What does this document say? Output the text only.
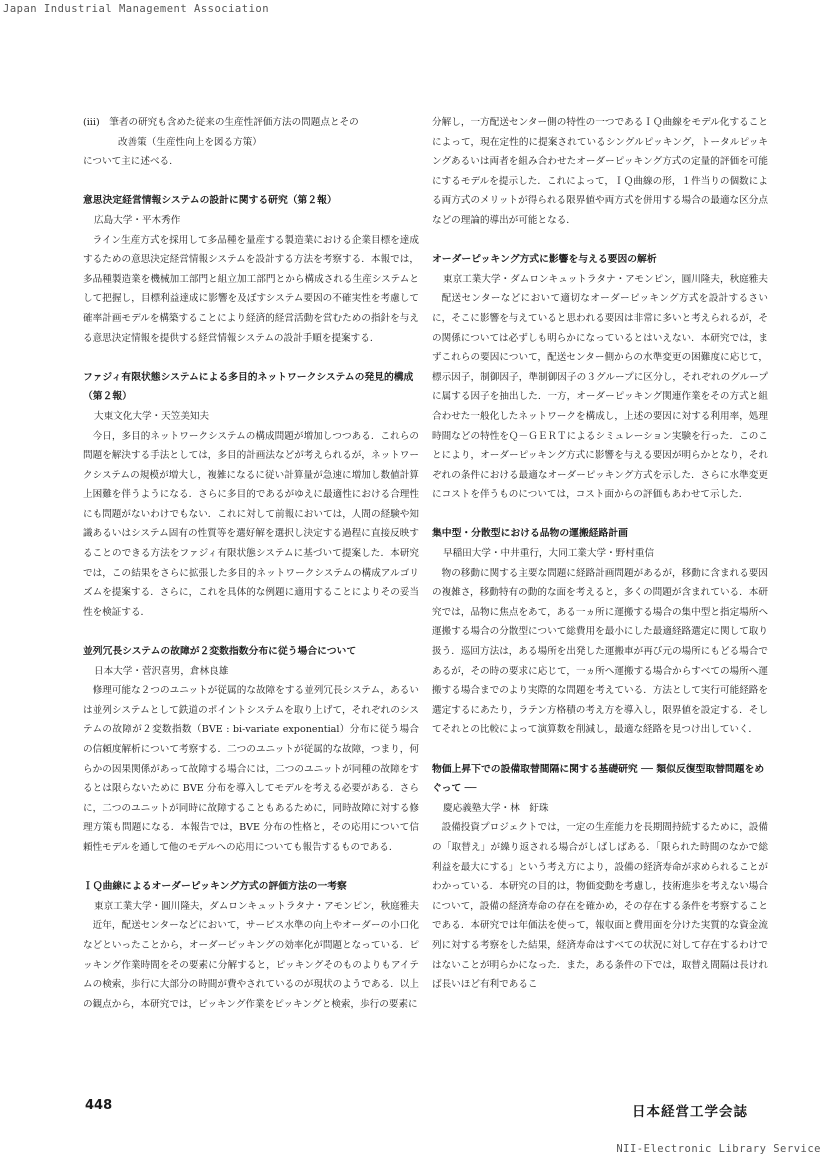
Japan Industrial Management Association

(iii)　筆者の研究も含めた従来の生産性評価方法の問題点とその

改善策（生産性向上を図る方策）

について主に述べる.

意思決定経営情報システムの設計に関する研究（第２報）

広島大学・平木秀作

ライン生産方式を採用して多品種を量産する製造業における企業目標を達成するための意思決定経営情報システムを設計する方法を考察する．本報では，多品種製造業を機械加工部門と組立加工部門とから構成される生産システムとして把握し，目標利益達成に影響を及ぼすシステム要因の不確実性を考慮して確率計画モデルを構築することにより経済的経営活動を営むための指針を与える意思決定情報を提供する経営情報システムの設計手順を提案する．

ファジィ有限状態システムによる多目的ネットワークシステムの発見的構成（第２報）

大東文化大学・天笠美知夫

今日，多目的ネットワークシステムの構成問題が増加しつつある．これらの問題を解決する手法としては，多目的計画法などが考えられるが，ネットワークシステムの規模が増大し，複雑になるに従い計算量が急速に増加し数値計算上困難を伴うようになる．さらに多目的であるがゆえに最適性における合理性にも問題がないわけでもない．これに対して前報においては，人間の経験や知識あるいはシステム固有の性質等を選好解を選択し決定する過程に直接反映することのできる方法をファジィ有限状態システムに基づいて提案した．本研究では，この結果をさらに拡張した多目的ネットワークシステムの構成アルゴリズムを提案する．さらに，これを具体的な例題に適用することによりその妥当性を検証する．

並列冗長システムの故障が２変数指数分布に従う場合について

日本大学・菅沢喜男，倉林良雄

修理可能な２つのユニットが従属的な故障をする並列冗長システム，あるいは並列システムとして鉄道のポイントシステムを取り上げて，それぞれのシステムの故障が２変数指数（BVE : bi-variate exponential）分布に従う場合の信頼度解析について考察する．二つのユニットが従属的な故障，つまり，何らかの因果関係があって故障する場合には，二つのユニットが同種の故障をするとは限らないために BVE 分布を導入してモデルを考える必要がある．さらに，二つのユニットが同時に故障することもあるために，同時故障に対する修理方策も問題になる．本報告では，BVE 分布の性格と，その応用について信頼性モデルを通して他のモデルへの応用についても報告するものである．

ＩＱ曲線によるオーダーピッキング方式の評価方法の一考察

東京工業大学・圓川隆夫，ダムロンキュットラタナ・アモンピン，秋庭雅夫

近年，配送センターなどにおいて，サービス水準の向上やオーダーの小口化などといったことから，オーダーピッキングの効率化が問題となっている．ピッキング作業時間をその要素に分解すると，ピッキングそのものよりもアイテムの検索，歩行に大部分の時間が費やされているのが現状のようである．以上の観点から，本研究では，ピッキング作業をピッキングと検索，歩行の要素に

分解し，一方配送センター側の特性の一つであるＩＱ曲線をモデル化することによって，現在定性的に提案されているシングルピッキング，トータルピッキングあるいは両者を組み合わせたオーダーピッキング方式の定量的評価を可能にするモデルを提示した．これによって，ＩＱ曲線の形，１件当りの個数による両方式のメリットが得られる限界値や両方式を併用する場合の最適な区分点などの理論的導出が可能となる．

オーダーピッキング方式に影響を与える要因の解析

東京工業大学・ダムロンキュットラタナ・アモンピン，圓川隆夫，秋庭雅夫

配送センターなどにおいて適切なオーダーピッキング方式を設計するさいに，そこに影響を与えていると思われる要因は非常に多いと考えられるが，その関係については必ずしも明らかになっているとはいえない．本研究では，まずこれらの要因について，配送センター側からの水準変更の困難度に応じて，標示因子，制御因子，準制御因子の３グループに区分し，それぞれのグループに属する因子を抽出した．一方，オーダーピッキング関連作業をその方式と組合わせた一般化したネットワークを構成し，上述の要因に対する利用率，処理時間などの特性をＱ－ＧＥＲＴによるシミュレーション実験を行った．このことにより，オーダーピッキング方式に影響を与える要因が明らかとなり，それぞれの条件における最適なオーダーピッキング方式を示した．さらに水準変更にコストを伴うものについては，コスト面からの評価もあわせて示した．

集中型・分散型における品物の運搬経路計画

早稲田大学・中井重行，大同工業大学・野村重信

物の移動に関する主要な問題に経路計画問題があるが，移動に含まれる要因の複雑さ，移動特有の動的な面を考えると，多くの問題が含まれている．本研究では，品物に焦点をあて，ある一ヵ所に運搬する場合の集中型と指定場所へ運搬する場合の分散型について総費用を最小にした最適経路選定に関して取り扱う．巡回方法は，ある場所を出発した運搬車が再び元の場所にもどる場合であるが，その時の要求に応じて，一ヵ所へ運搬する場合からすべての場所へ運搬する場合までのより実際的な問題を考えている．方法として実行可能経路を選定するにあたり，ラテン方格積の考え方を導入し，限界値を設定する．そしてそれとの比較によって演算数を削減し，最適な経路を見つけ出していく．

物価上昇下での設備取替間隔に関する基礎研究 ── 類似反復型取替問題をめぐって ──

慶応義塾大学・林　紆珠

設備投資プロジェクトでは，一定の生産能力を長期間持続するために，設備の「取替え」が繰り返される場合がしばしばある．「限られた時間のなかで総利益を最大にする」という考え方により，設備の経済寿命が求められることがわかっている．本研究の目的は，物価変動を考慮し，技術進歩を考えない場合について，設備の経済寿命の存在を確かめ，その存在する条件を考察することである．本研究では年価法を使って，報収面と費用面を分けた実質的な資金流列に対する考察をした結果，経済寿命はすべての状況に対して存在するわけではないことが明らかになった．また，ある条件の下では，取替え間隔は長ければ長いほど有利であるこ

448	日本経営工学会誌
NII-Electronic Library Service
